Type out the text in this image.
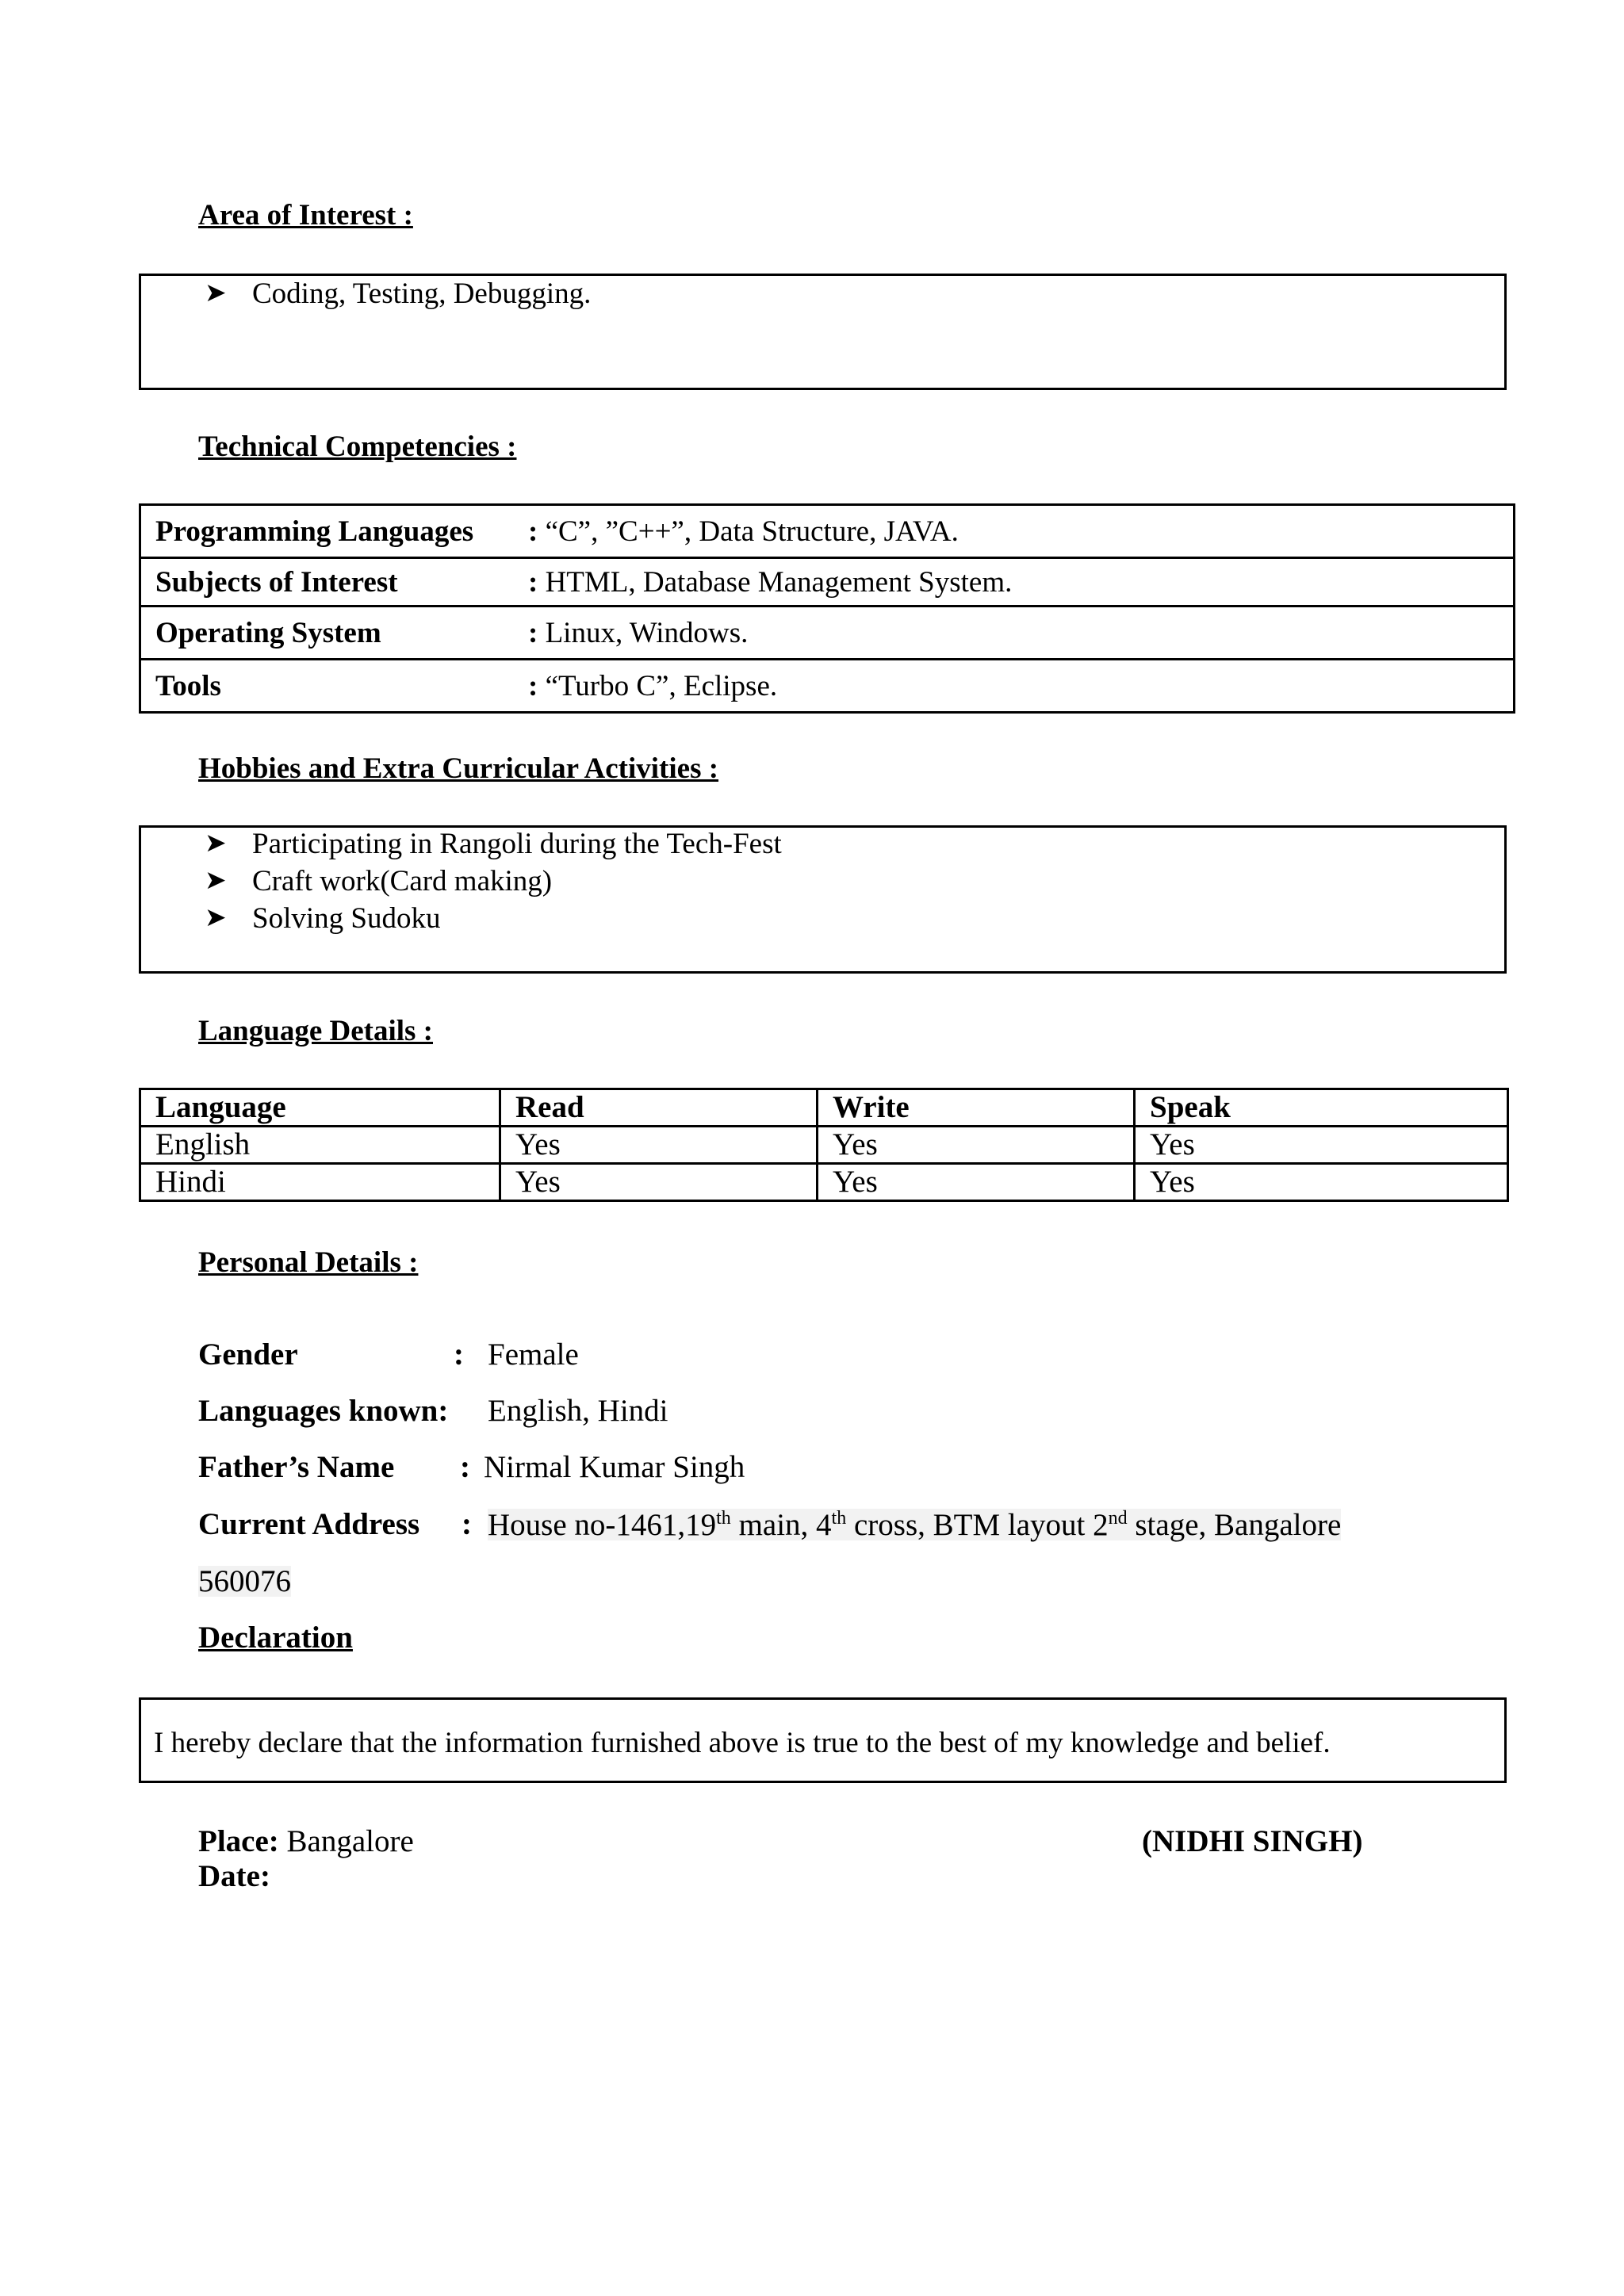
Area of Interest :
➤ Coding, Testing, Debugging.
Technical Competencies :
Programming Languages : “C”, ”C++”, Data Structure, JAVA.
Subjects of Interest	: HTML, Database Management System.
Operating System	: Linux, Windows.
Tools	: “Turbo C”, Eclipse.
Hobbies and Extra Curricular Activities :
➤ Participating in Rangoli during the Tech-Fest
➤ Craft work(Card making)
➤ Solving Sudoku
Language Details :
Language	Read	Write	Speak
English	Yes	Yes	Yes
Hindi	Yes	Yes	Yes
Personal Details :
Gender	: Female
Languages known: English, Hindi
Father’s Name : Nirmal Kumar Singh
Current Address : House no-1461,19th main, 4th cross, BTM layout 2nd stage, Bangalore
560076
Declaration
I hereby declare that the information furnished above is true to the best of my knowledge and belief.
Place: Bangalore
Date:
(NIDHI SINGH)
